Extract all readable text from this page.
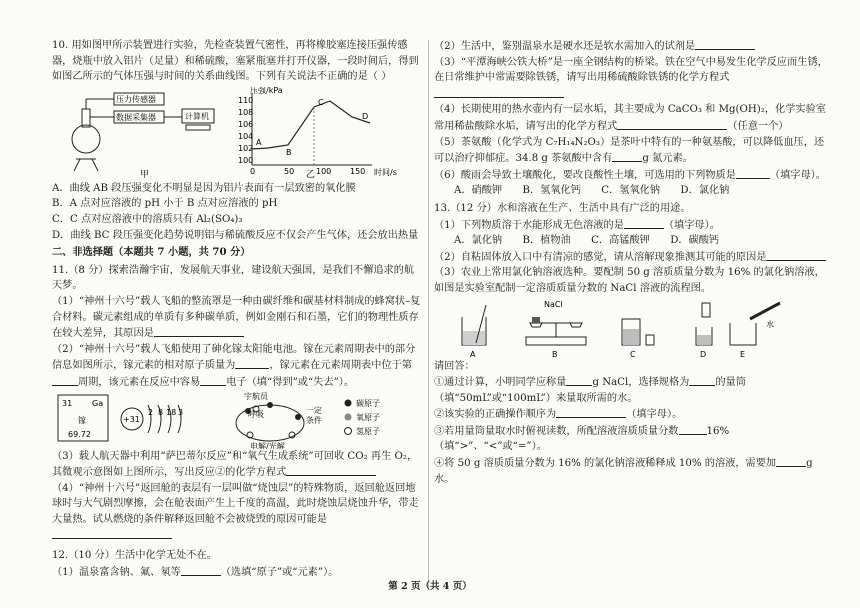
10. 用如图甲所示装置进行实验，先检查装置气密性，再将橡胶塞连接压强传感器，烧瓶中放入铝片（足量）和稀硫酸，塞紧瓶塞并打开仪器，一段时间后，得到如图乙所示的气体压强与时间的关系曲线图。下列有关说法不正确的是（ ）

压力传感器
数据采集器	计算机
甲
压强/kPa
时间/s
110
108
106
104
102
100
0	50	100 150
A
B
C
D
乙

A．曲线 AB 段压强变化不明显是因为铝片表面有一层致密的氧化膜

B．A 点对应溶液的 pH 小于 B 点对应溶液的 pH

C．C 点对应溶液中的溶质只有 Al₂(SO₄)₃

D．曲线 BC 段压强变化趋势说明铝与稀硫酸反应不仅会产生气体，还会放出热量

二、非选择题（本题共 7 小题，共 70 分）

11.（8 分）探索浩瀚宇宙，发展航天事业，建设航天强国，是我们不懈追求的航天梦。

（1）“神州十六号”载人飞船的整流罩是一种由碳纤维和碳基材料制成的蜂窝状–复合材料。碳元素组成的单质有多种碳单质，例如金刚石和石墨，它们的物理性质存在较大差异，其原因是

（2）“神州十六号”载人飞船使用了砷化镓太阳能电池。镓在元素周期表中的部分信息如图所示，镓元素的相对原子质量为	，镓元素在元素周期表中位于第周期，该元素在反应中容易	电子（填“得到”或“失去”）。

31 Ga
镓
69.72
+31
2 8 18 3
宇航员
呼吸	一定
条件
电解/光解
碳原子
氧原子
氢原子

（3）载人航天器中利用“萨巴蒂尔反应”和“氧气生成系统”可回收 CO₂ 再生 O₂，其微观示意图如上图所示，写出反应②的化学方程式

（4）“神州十六号”返回舱的表层有一层叫做“烧蚀层”的特殊物质，返回舱返回地球时与大气剧烈摩擦，会在舱表面产生上千度的高温，此时烧蚀层烧蚀升华，带走大量热。试从燃烧的条件解释返回舱不会被烧毁的原因可能是

12.（10 分）生活中化学无处不在。

（1）温泉富含钠、氟、氡等	（选填“原子”或“元素”）。

（2）生活中，鉴别温泉水是硬水还是软水需加入的试剂是

（3）“平潭海峡公铁大桥”是一座全钢结构的桥梁。铁在空气中易发生化学反应而生锈，在日常维护中常需要除铁锈，请写出用稀硫酸除铁锈的化学方程式

（4）长期使用的热水壶内有一层水垢，其主要成为 CaCO₃ 和 Mg(OH)₂，化学实验室常用稀盐酸除水垢，请写出的化学方程式	（任意一个）

（5）茶氨酸（化学式为 C₇H₁₄N₂O₃）是茶叶中特有的一种氨基酸，可以降低血压，还可以治疗抑郁症。34.8 g 茶氨酸中含有	g 氮元素。

（6）酸雨会导致土壤酸化，要改良酸性土壤，可选用的下列物质是	（填字母）。

A．硝酸钾　　B．氢氧化钙　　C．氢氧化钠　　D．氯化钠

13.（12 分）水和溶液在生产、生活中具有广泛的用途。

（1）下列物质溶于水能形成无色溶液的是	（填字母）。

A．氯化钠　　B．植物油　　C．高锰酸钾　　D．碳酸钙

（2）自粘固体放入口中有清凉的感觉，请从溶解现象推测其可能的原因是

（3）农业上常用氯化钠溶液选种。要配制 50 g 溶质质量分数为 16% 的氯化钠溶液，如图是实验室配制一定溶质质量分数的 NaCl 溶液的流程图。

NaCl
水
A	B	C	D	E

请回答：

①通过计算，小明同学应称量	g NaCl，选择规格为	的量筒（填“50mL”或“100mL”）来量取所需的水。

②该实验的正确操作顺序为	（填字母）。

③若用量筒量取水时俯视读数，所配溶液溶质质量分数	16%（填“>”、“<”或“=”）。

④将 50 g 溶质质量分数为 16% 的氯化钠溶液稀释成 10% 的溶液，需要加	g 水。

第 2 页（共 4 页）
